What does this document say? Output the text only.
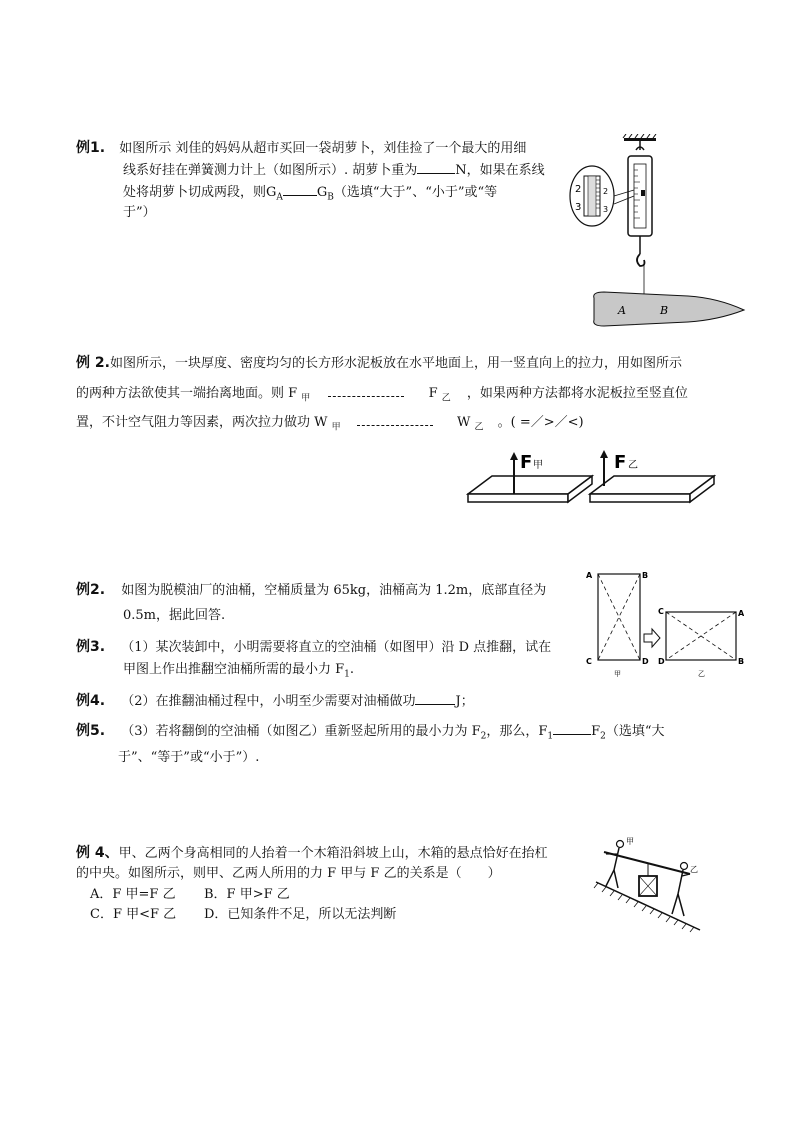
例1. 如图所示 刘佳的妈妈从超市买回一袋胡萝卜，刘佳捡了一个最大的用细
线系好挂在弹簧测力计上（如图所示）. 胡萝卜重为	N，如果在系线
处将胡萝卜切成两段，则$G_A$	$G_B$（选填“大于”、“小于”或“等
于”）
2
3
2
3
A	B
例 2.如图所示，一块厚度、密度均匀的长方形水泥板放在水平地面上，用一竖直向上的拉力，用如图所示
的两种方法欲使其一端抬离地面。则 F $_甲$	F $_乙$ ，如果两种方法都将水泥板拉至竖直位
置，不计空气阻力等因素，两次拉力做功 W $_甲$	W $_乙$ 。( =／>／<)
F 甲	F 乙
例2. 如图为脱模油厂的油桶，空桶质量为 65kg，油桶高为 1.2m，底部直径为
0.5m，据此回答.
例3. （1）某次装卸中，小明需要将直立的空油桶（如图甲）沿 D 点推翻，试在
甲图上作出推翻空油桶所需的最小力 $F_1$.
例4. （2）在推翻油桶过程中，小明至少需要对油桶做功	J；
例5. （3）若将翻倒的空油桶（如图乙）重新竖起所用的最小力为 $F_2$，那么，$F_1$	$F_2$（选填“大
于”、“等于”或“小于”）.
A	B
C	D
甲
C	A
D	B
乙
例 4、甲、乙两个身高相同的人抬着一个木箱沿斜坡上山，木箱的悬点恰好在抬杠
的中央。如图所示，则甲、乙两人所用的力 F 甲与 F 乙的关系是（　　）
A．F 甲=F 乙 B．F 甲>F 乙
C．F 甲<F 乙 D．已知条件不足，所以无法判断
甲
乙
